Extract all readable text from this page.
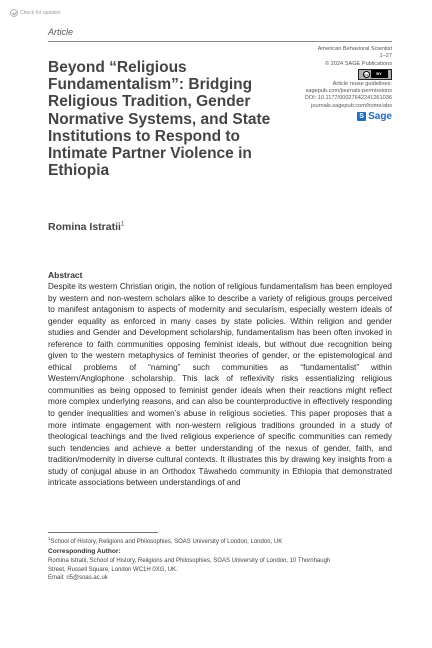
Check for updates
Article
Beyond “Religious Fundamentalism”: Bridging Religious Tradition, Gender Normative Systems, and State Institutions to Respond to Intimate Partner Violence in Ethiopia
American Behavioral Scientist
1–27
© 2024 SAGE Publications
cc	BY
Article reuse guidelines:
sagepub.com/journals-permissions
DOI: 10.1177/00027642241261036
journals.sagepub.com/home/abs
S Sage
Romina Istratii$^1$
Abstract

Despite its western Christian origin, the notion of religious fundamentalism has been employed by western and non-western scholars alike to describe a variety of religious groups perceived to manifest antagonism to aspects of modernity and secularism, especially western ideals of gender equality as enforced in many cases by state policies. Within religion and gender studies and Gender and Development scholarship, fundamentalism has been often invoked in reference to faith communities opposing feminist ideals, but without due recognition being given to the western metaphysics of feminist theories of gender, or the epistemological and ethical problems of “naming” such communities as “fundamentalist” within Western/Anglophone scholarship. This lack of reflexivity risks essentializing religious communities as being opposed to feminist gender ideals when their reactions might reflect more complex underlying reasons, and can also be counterproductive in effectively responding to gender inequalities and women’s abuse in religious societies. This paper proposes that a more intimate engagement with non-western religious traditions grounded in a study of theological teachings and the lived religious experience of specific communities can remedy such tendencies and achieve a better understanding of the nexus of gender, faith, and tradition/modernity in diverse cultural contexts. It illustrates this by drawing key insights from a study of conjugal abuse in an Orthodox Täwahedo community in Ethiopia that demonstrated intricate associations between understandings of and

$^1$School of History, Religions and Philosophies, SOAS University of London, London, UK
Corresponding Author:
Romina Istratii, School of History, Religions and Philosophies, SOAS University of London, 10 Thornhaugh
Street, Russell Square, London WC1H 0XG, UK.
Email: ri5@soas.ac.uk
